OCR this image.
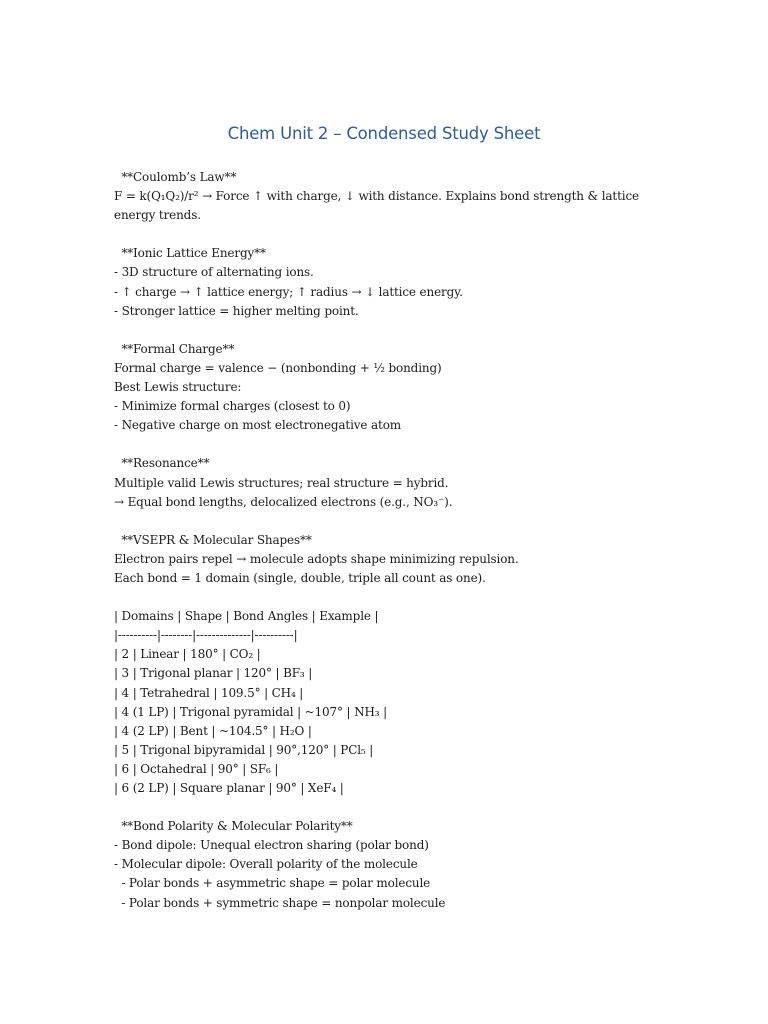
Chem Unit 2 – Condensed Study Sheet
**Coulomb’s Law**
F = k(Q₁Q₂)/r² → Force ↑ with charge, ↓ with distance. Explains bond strength & lattice energy trends.
**Ionic Lattice Energy**
- 3D structure of alternating ions.
- ↑ charge → ↑ lattice energy; ↑ radius → ↓ lattice energy.
- Stronger lattice = higher melting point.
**Formal Charge**
Formal charge = valence − (nonbonding + ½ bonding)
Best Lewis structure:
- Minimize formal charges (closest to 0)
- Negative charge on most electronegative atom
**Resonance**
Multiple valid Lewis structures; real structure = hybrid.
→ Equal bond lengths, delocalized electrons (e.g., NO₃⁻).
**VSEPR & Molecular Shapes**
Electron pairs repel → molecule adopts shape minimizing repulsion.
Each bond = 1 domain (single, double, triple all count as one).
| Domains | Shape | Bond Angles | Example |
|----------|--------|--------------|----------|
| 2 | Linear | 180° | CO₂ |
| 3 | Trigonal planar | 120° | BF₃ |
| 4 | Tetrahedral | 109.5° | CH₄ |
| 4 (1 LP) | Trigonal pyramidal | ~107° | NH₃ |
| 4 (2 LP) | Bent | ~104.5° | H₂O |
| 5 | Trigonal bipyramidal | 90°,120° | PCl₅ |
| 6 | Octahedral | 90° | SF₆ |
| 6 (2 LP) | Square planar | 90° | XeF₄ |
**Bond Polarity & Molecular Polarity**
- Bond dipole: Unequal electron sharing (polar bond)
- Molecular dipole: Overall polarity of the molecule
- Polar bonds + asymmetric shape = polar molecule
- Polar bonds + symmetric shape = nonpolar molecule
